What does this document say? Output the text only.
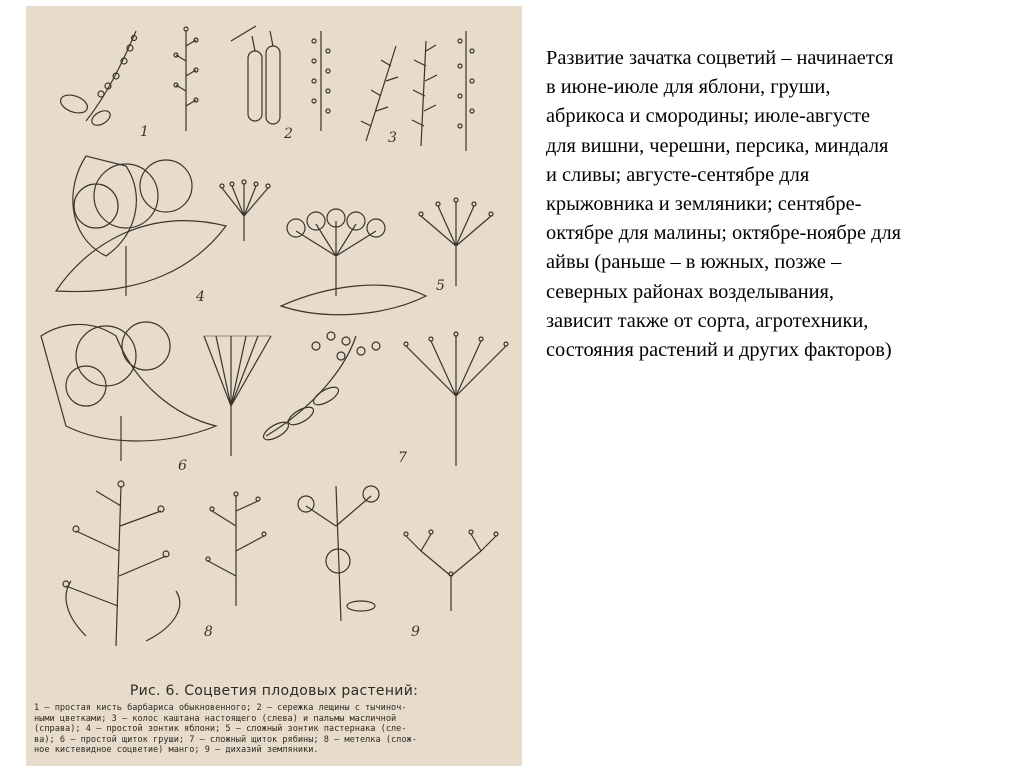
1	2	3
4
5
6	7
8	9
Рис. 6. Соцветия плодовых растений:
1 — простая кисть барбариса обыкновенного; 2 — сережка лещины с тычиноч-
ными цветками; 3 — колос каштана настоящего (слева) и пальмы масличной
(справа); 4 — простой зонтик яблони; 5 — сложный зонтик пастернака (сле-
ва); 6 — простой щиток груши; 7 — сложный щиток рябины; 8 — метелка (слож-
ное кистевидное соцветие) манго; 9 — дихазий земляники.
Развитие зачатка соцветий – начинается
в июне-июле для яблони, груши,
абрикоса и смородины; июле-августе
для вишни, черешни, персика, миндаля
и сливы; августе-сентябре для
крыжовника и земляники; сентябре-
октябре для малины; октябре-ноябре для
айвы (раньше – в южных, позже –
северных районах возделывания,
зависит также от сорта, агротехники,
состояния растений и других факторов)
